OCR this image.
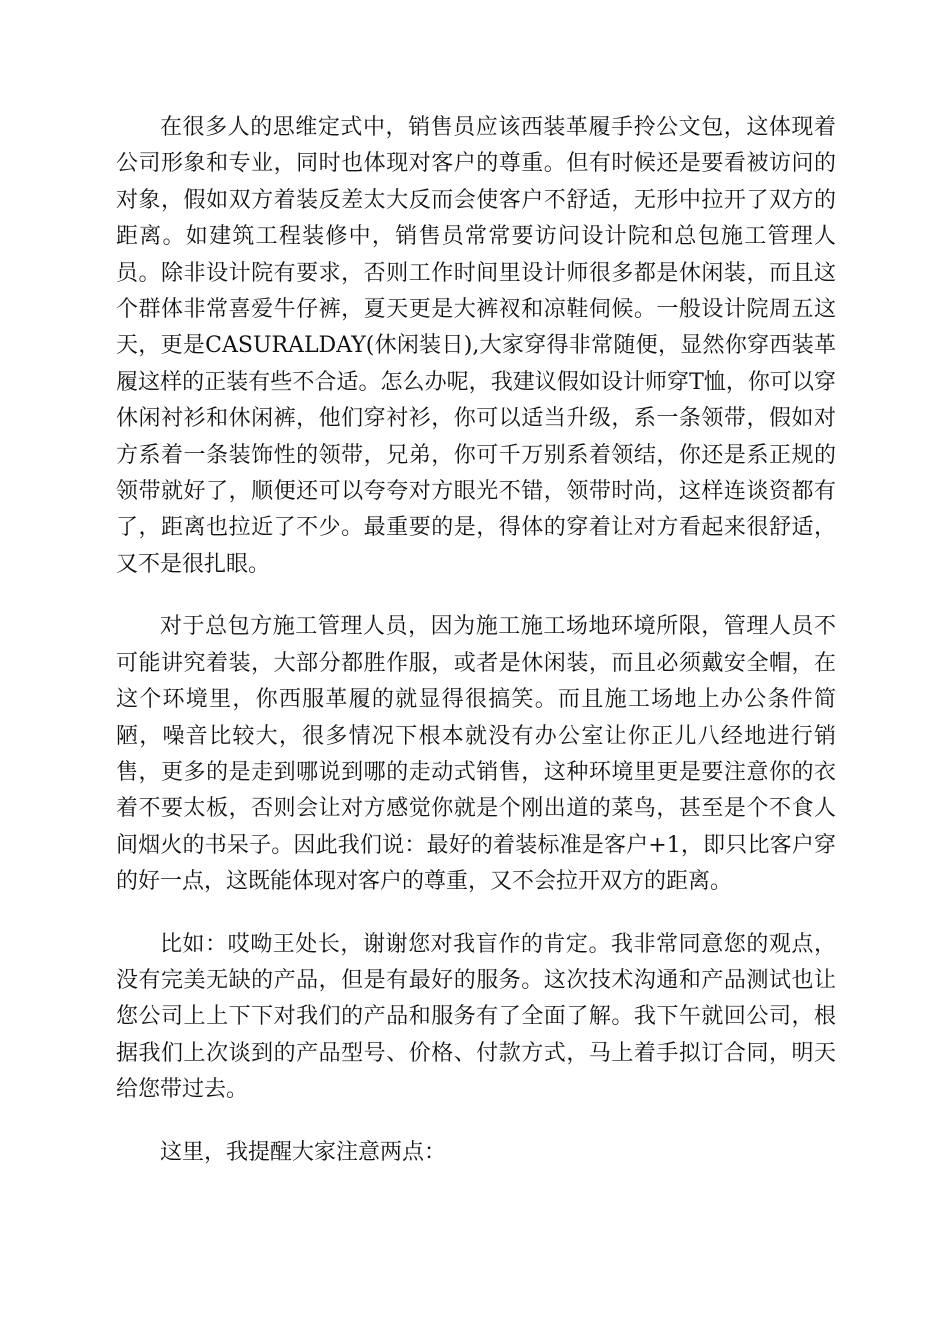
在很多人的思维定式中，销售员应该西装革履手拎公文包，这体现着公司形象和专业，同时也体现对客户的尊重。但有时候还是要看被访问的对象，假如双方着装反差太大反而会使客户不舒适，无形中拉开了双方的距离。如建筑工程装修中，销售员常常要访问设计院和总包施工管理人员。除非设计院有要求，否则工作时间里设计师很多都是休闲装，而且这个群体非常喜爱牛仔裤，夏天更是大裤衩和凉鞋伺候。一般设计院周五这天，更是CASURALDAY(休闲装日),大家穿得非常随便，显然你穿西装革履这样的正装有些不合适。怎么办呢，我建议假如设计师穿T恤，你可以穿休闲衬衫和休闲裤，他们穿衬衫，你可以适当升级，系一条领带，假如对方系着一条装饰性的领带，兄弟，你可千万别系着领结，你还是系正规的领带就好了，顺便还可以夸夸对方眼光不错，领带时尚，这样连谈资都有了，距离也拉近了不少。最重要的是，得体的穿着让对方看起来很舒适，又不是很扎眼。

对于总包方施工管理人员，因为施工施工场地环境所限，管理人员不可能讲究着装，大部分都胜作服，或者是休闲装，而且必须戴安全帽，在这个环境里，你西服革履的就显得很搞笑。而且施工场地上办公条件简陋，噪音比较大，很多情况下根本就没有办公室让你正儿八经地进行销售，更多的是走到哪说到哪的走动式销售，这种环境里更是要注意你的衣着不要太板，否则会让对方感觉你就是个刚出道的菜鸟，甚至是个不食人间烟火的书呆子。因此我们说：最好的着装标准是客户+1，即只比客户穿的好一点，这既能体现对客户的尊重，又不会拉开双方的距离。

比如：哎呦王处长，谢谢您对我盲作的肯定。我非常同意您的观点，没有完美无缺的产品，但是有最好的服务。这次技术沟通和产品测试也让您公司上上下下对我们的产品和服务有了全面了解。我下午就回公司，根据我们上次谈到的产品型号、价格、付款方式，马上着手拟订合同，明天给您带过去。

这里，我提醒大家注意两点：
